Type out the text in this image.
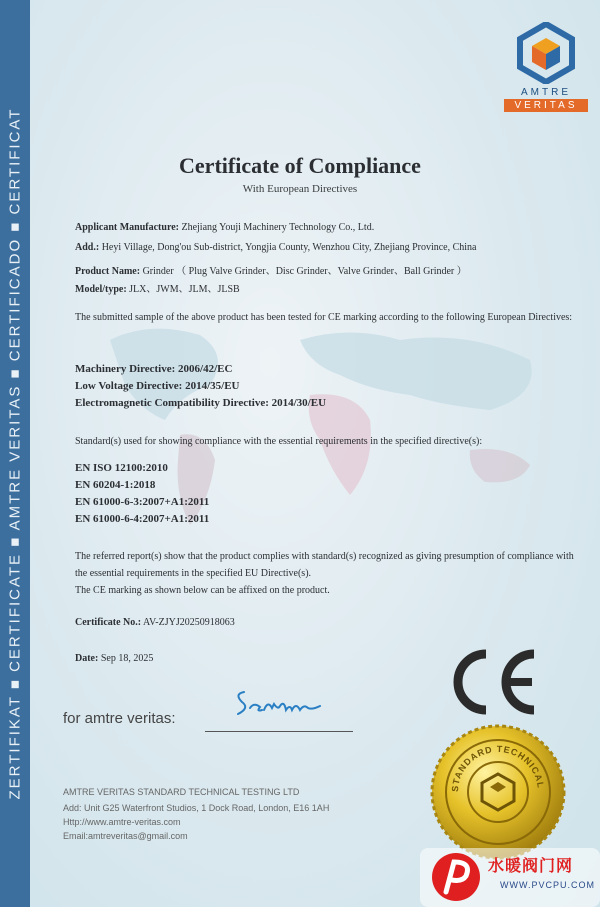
ZERTIFIKAT ■ CERTIFICATE ■ AMTRE VERITAS ■ CERTIFICADO ■ CERTIFICAT
AMTRE
VERITAS
Certificate of Compliance
With European Directives
Applicant Manufacture: Zhejiang Youji Machinery Technology Co., Ltd.
Add.: Heyi Village, Dong'ou Sub-district, Yongjia County, Wenzhou City, Zhejiang Province, China
Product Name: Grinder （ Plug Valve Grinder、Disc Grinder、Valve Grinder、Ball Grinder ）
Model/type: JLX、JWM、JLM、JLSB
The submitted sample of the above product has been tested for CE marking according to the following European Directives:
Machinery Directive: 2006/42/EC
Low Voltage Directive: 2014/35/EU
Electromagnetic Compatibility Directive: 2014/30/EU
Standard(s) used for showing compliance with the essential requirements in the specified directive(s):
EN ISO 12100:2010
EN 60204-1:2018
EN 61000-6-3:2007+A1:2011
EN 61000-6-4:2007+A1:2011
The referred report(s) show that the product complies with standard(s) recognized as giving presumption of compliance with the essential requirements in the specified EU Directive(s).
The CE marking as shown below can be affixed on the product.
Certificate No.: AV-ZJYJ20250918063
Date: Sep 18, 2025
for amtre veritas:
AMTRE VERITAS STANDARD TECHNICAL TESTING LTD
Add: Unit G25 Waterfront Studios, 1 Dock Road, London, E16 1AH
Http://www.amtre-veritas.com
Email:amtreveritas@gmail.com
STANDARD TECHNICAL
水暖阀门网
WWW.PVCPU.COM
